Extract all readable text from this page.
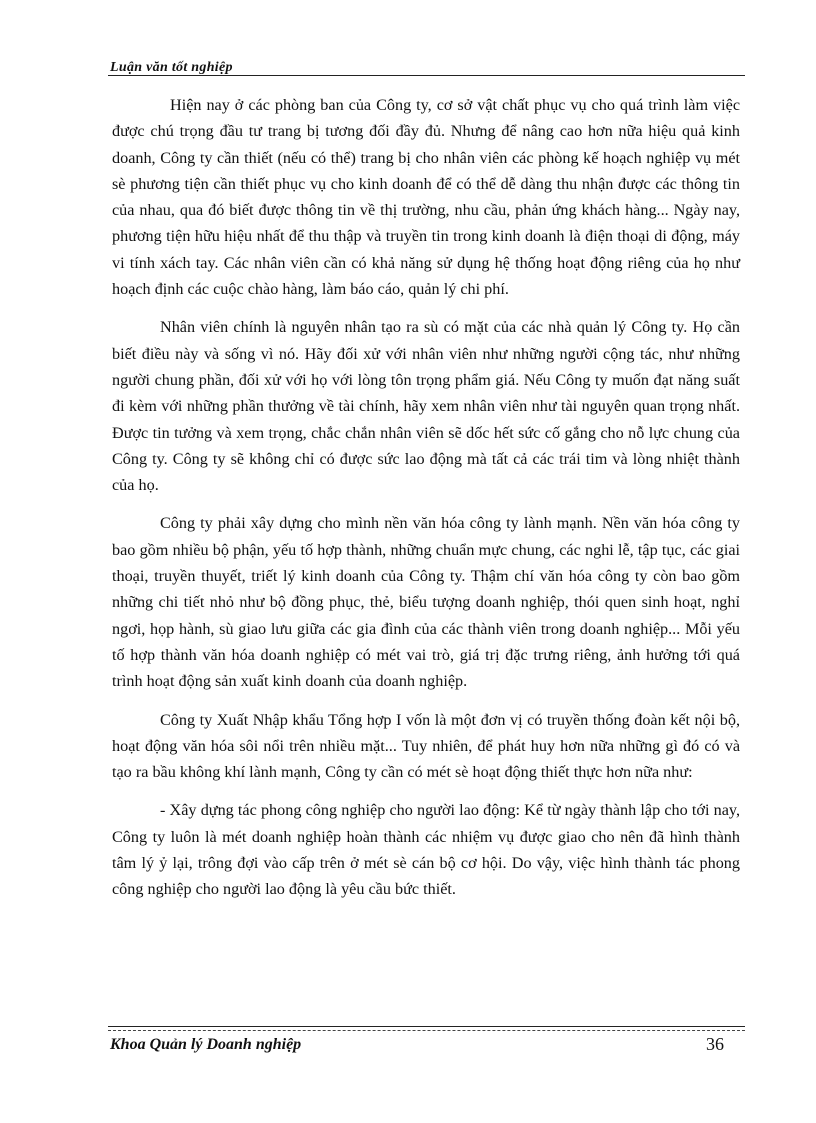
Luận văn tốt nghiệp

Hiện nay ở các phòng ban của Công ty, cơ sở vật chất phục vụ cho quá trình làm việc được chú trọng đầu tư trang bị tương đối đầy đủ. Nhưng để nâng cao hơn nữa hiệu quả kinh doanh, Công ty cần thiết (nếu có thể) trang bị cho nhân viên các phòng kế hoạch nghiệp vụ mét sè phương tiện cần thiết phục vụ cho kinh doanh để có thể dễ dàng thu nhận được các thông tin của nhau, qua đó biết được thông tin về thị trường, nhu cầu, phản ứng khách hàng... Ngày nay, phương tiện hữu hiệu nhất để thu thập và truyền tin trong kinh doanh là điện thoại di động, máy vi tính xách tay. Các nhân viên cần có khả năng sử dụng hệ thống hoạt động riêng của họ như hoạch định các cuộc chào hàng, làm báo cáo, quản lý chi phí.

Nhân viên chính là nguyên nhân tạo ra sù có mặt của các nhà quản lý Công ty. Họ cần biết điều này và sống vì nó. Hãy đối xử với nhân viên như những người cộng tác, như những người chung phần, đối xử với họ với lòng tôn trọng phẩm giá. Nếu Công ty muốn đạt năng suất đi kèm với những phần thưởng về tài chính, hãy xem nhân viên như tài nguyên quan trọng nhất. Được tin tưởng và xem trọng, chắc chắn nhân viên sẽ dốc hết sức cố gắng cho nỗ lực chung của Công ty. Công ty sẽ không chỉ có được sức lao động mà tất cả các trái tim và lòng nhiệt thành của họ.

Công ty phải xây dựng cho mình nền văn hóa công ty lành mạnh. Nền văn hóa công ty bao gồm nhiều bộ phận, yếu tố hợp thành, những chuẩn mực chung, các nghi lễ, tập tục, các giai thoại, truyền thuyết, triết lý kinh doanh của Công ty. Thậm chí văn hóa công ty còn bao gồm những chi tiết nhỏ như bộ đồng phục, thẻ, biểu tượng doanh nghiệp, thói quen sinh hoạt, nghỉ ngơi, họp hành, sù giao lưu giữa các gia đình của các thành viên trong doanh nghiệp... Mỗi yếu tố hợp thành văn hóa doanh nghiệp có mét vai trò, giá trị đặc trưng riêng, ảnh hưởng tới quá trình hoạt động sản xuất kinh doanh của doanh nghiệp.

Công ty Xuất Nhập khẩu Tổng hợp I vốn là một đơn vị có truyền thống đoàn kết nội bộ, hoạt động văn hóa sôi nổi trên nhiều mặt... Tuy nhiên, để phát huy hơn nữa những gì đó có và tạo ra bầu không khí lành mạnh, Công ty cần có mét sè hoạt động thiết thực hơn nữa như:

- Xây dựng tác phong công nghiệp cho người lao động: Kể từ ngày thành lập cho tới nay, Công ty luôn là mét doanh nghiệp hoàn thành các nhiệm vụ được giao cho nên đã hình thành tâm lý ỷ lại, trông đợi vào cấp trên ở mét sè cán bộ cơ hội. Do vậy, việc hình thành tác phong công nghiệp cho người lao động là yêu cầu bức thiết.

Khoa Quản lý Doanh nghiệp	36
